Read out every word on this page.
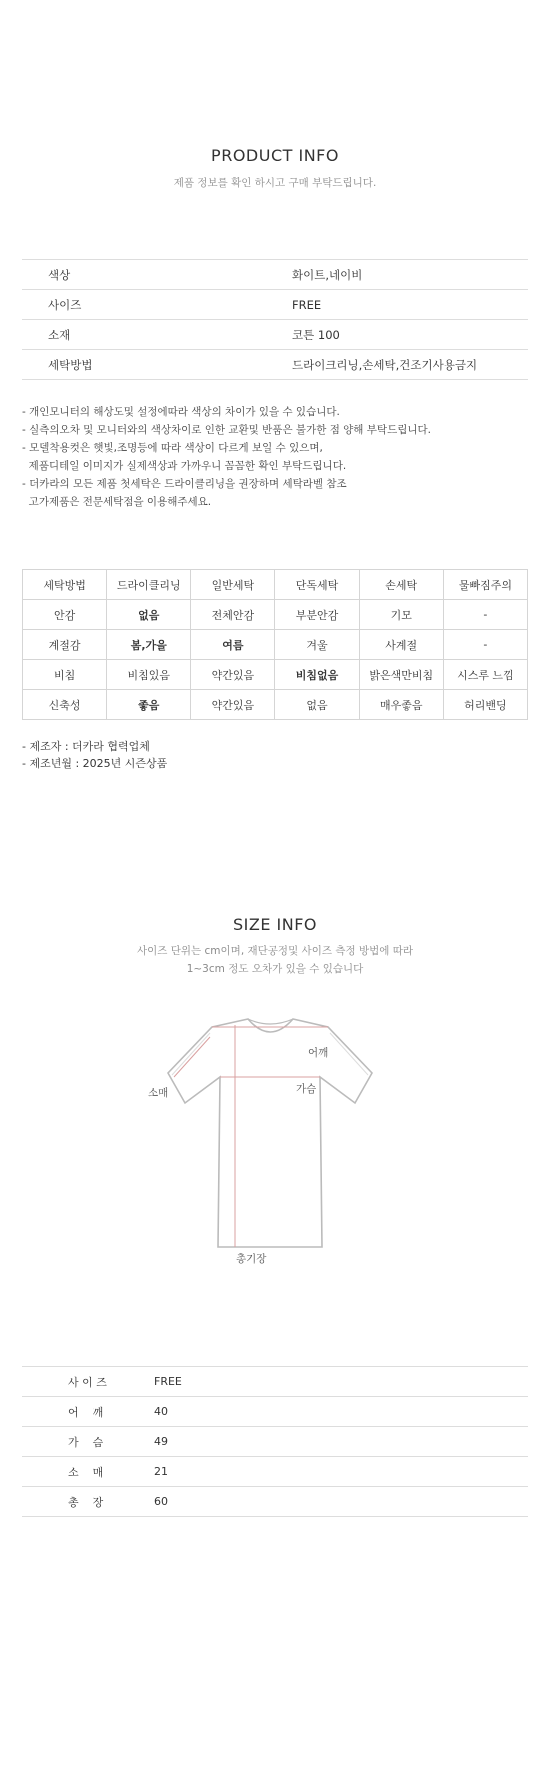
PRODUCT INFO
제품 정보를 확인 하시고 구매 부탁드립니다.
색상	화이트,네이비
사이즈	FREE
소재	코튼 100
세탁방법	드라이크리닝,손세탁,건조기사용금지
- 개인모니터의 해상도및 설정에따라 색상의 차이가 있을 수 있습니다.
- 실측의오차 및 모니터와의 색상차이로 인한 교환및 반품은 불가한 점 양해 부탁드립니다.
- 모델착용컷은 햇빛,조명등에 따라 색상이 다르게 보일 수 있으며,
제품디테일 이미지가 실제색상과 가까우니 꼼꼼한 확인 부탁드립니다.
- 더카라의 모든 제품 첫세탁은 드라이클리닝을 권장하며 세탁라벨 참조
고가제품은 전문세탁점을 이용해주세요.
세탁방법	드라이클리닝	일반세탁	단독세탁	손세탁	물빠짐주의
안감	없음	전체안감	부분안감	기모	-
계절감	봄,가을	여름	겨울	사계절	-
비침	비침있음	약간있음	비침없음	밝은색만비침	시스루 느낌
신축성	좋음	약간있음	없음	매우좋음	허리밴딩
- 제조자 : 더카라 협력업체
- 제조년월 : 2025년 시즌상품
SIZE INFO
사이즈 단위는 cm이며, 재단공정및 사이즈 측정 방법에 따라
1~3cm 정도 오차가 있을 수 있습니다
어깨
가슴
소매
총기장
사 이 즈	FREE
어    깨	40
가    슴	49
소    매	21
총    장	60
